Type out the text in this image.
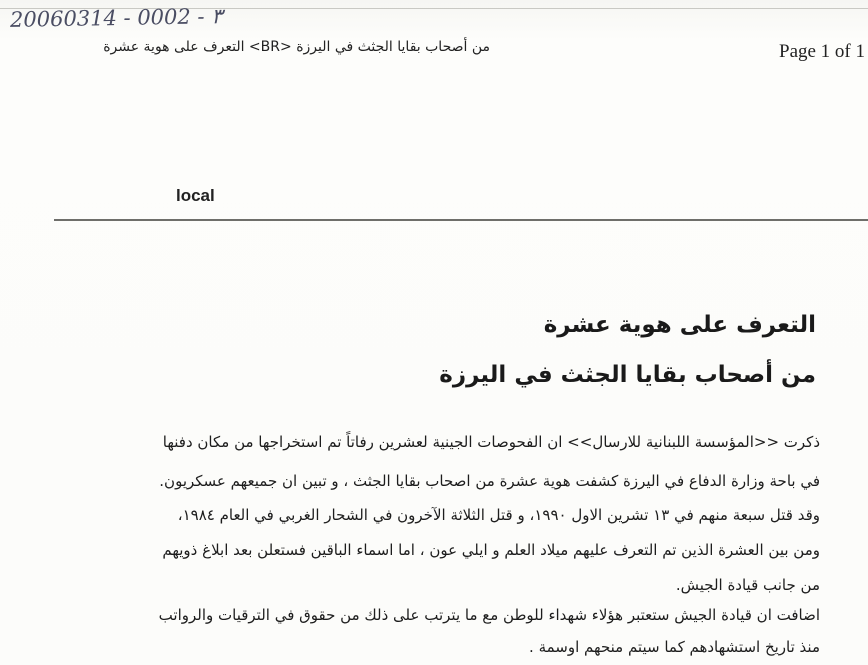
20060314 - 0002 - ٣
من أصحاب بقايا الجثث في اليرزة <BR> التعرف على هوية عشرة	Page 1 of 1
local
التعرف على هوية عشرة
من أصحاب بقايا الجثث في اليرزة
ذكرت <<المؤسسة اللبنانية للارسال>> ان الفحوصات الجينية لعشرين رفاتاً تم استخراجها من مكان دفنها
في باحة وزارة الدفاع في اليرزة كشفت هوية عشرة من اصحاب بقايا الجثث ، و تبين ان جميعهم عسكريون.
وقد قتل سبعة منهم في ١٣ تشرين الاول ١٩٩٠، و قتل الثلاثة الآخرون في الشحار الغربي في العام ١٩٨٤،
ومن بين العشرة الذين تم التعرف عليهم ميلاد العلم و ايلي عون ، اما اسماء الباقين فستعلن بعد ابلاغ ذويهم
من جانب قيادة الجيش.
اضافت ان قيادة الجيش ستعتبر هؤلاء شهداء للوطن مع ما يترتب على ذلك من حقوق في الترقيات والرواتب
منذ تاريخ استشهادهم كما سيتم منحهم اوسمة .
